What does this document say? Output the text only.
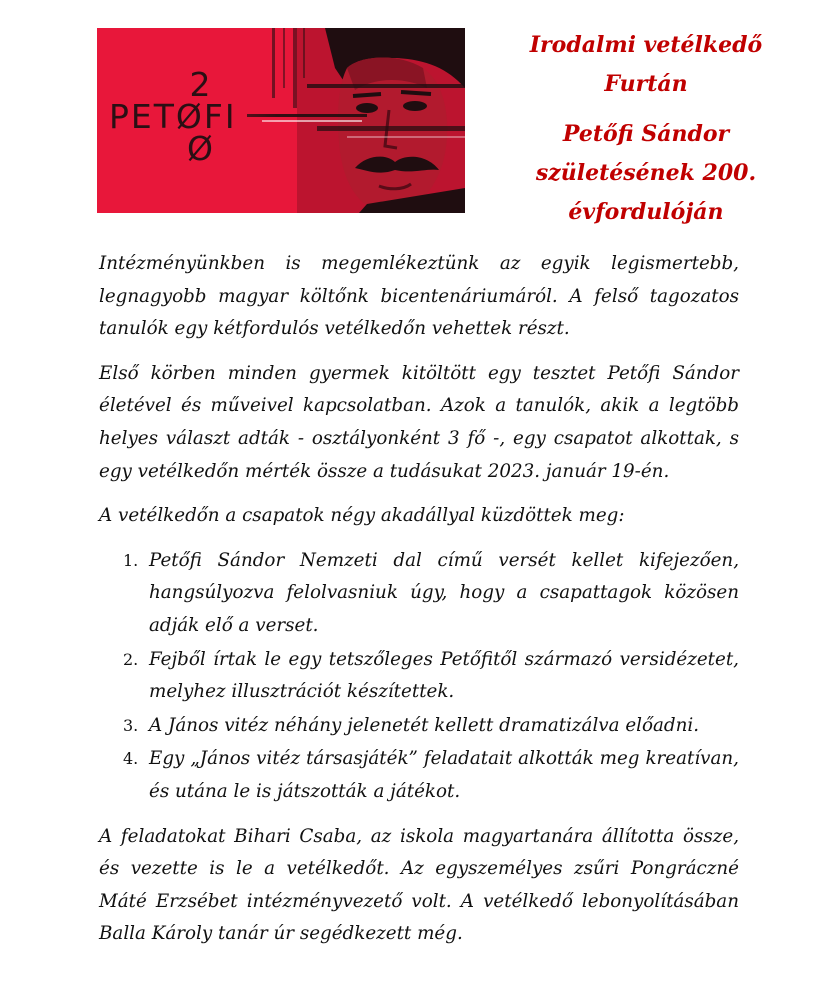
2
PETØFI
Ø
Irodalmi vetélkedő
Furtán
Petőfi Sándor
születésének 200.
évfordulóján

Intézményünkben is megemlékeztünk az egyik legismertebb, legnagyobb magyar költőnk bicentenáriumáról. A felső tagozatos tanulók egy kétfordulós vetélkedőn vehettek részt.

Első körben minden gyermek kitöltött egy tesztet Petőfi Sándor életével és műveivel kapcsolatban. Azok a tanulók, akik a legtöbb helyes választ adták - osztályonként 3 fő -, egy csapatot alkottak, s egy vetélkedőn mérték össze a tudásukat 2023. január 19-én.

A vetélkedőn a csapatok négy akadállyal küzdöttek meg:

1. Petőfi Sándor Nemzeti dal című versét kellet kifejezően, hangsúlyozva felolvasniuk úgy, hogy a csapattagok közösen adják elő a verset.
2. Fejből írtak le egy tetszőleges Petőfitől származó versidézetet, melyhez illusztrációt készítettek.
3. A János vitéz néhány jelenetét kellett dramatizálva előadni.
4. Egy „János vitéz társasjáték” feladatait alkották meg kreatívan, és utána le is játszották a játékot.

A feladatokat Bihari Csaba, az iskola magyartanára állította össze, és vezette is le a vetélkedőt. Az egyszemélyes zsűri Pongráczné Máté Erzsébet intézményvezető volt. A vetélkedő lebonyolításában Balla Károly tanár úr segédkezett még.
